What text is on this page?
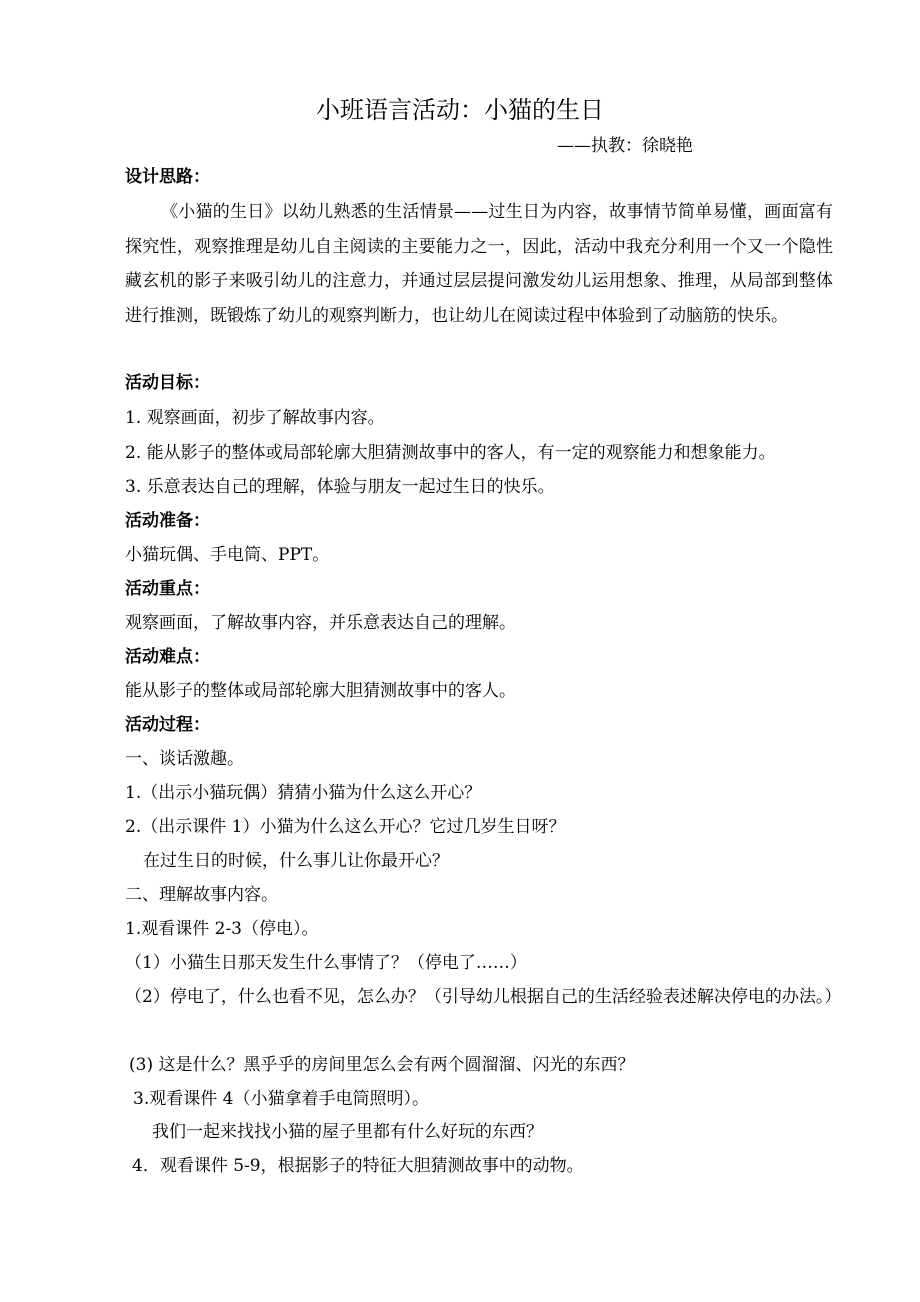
小班语言活动：小猫的生日
——执教：徐晓艳
设计思路：
《小猫的生日》以幼儿熟悉的生活情景——过生日为内容，故事情节简单易懂，画面富有探究性，观察推理是幼儿自主阅读的主要能力之一，因此，活动中我充分利用一个又一个隐性藏玄机的影子来吸引幼儿的注意力，并通过层层提问激发幼儿运用想象、推理，从局部到整体进行推测，既锻炼了幼儿的观察判断力，也让幼儿在阅读过程中体验到了动脑筋的快乐。
活动目标：
1. 观察画面，初步了解故事内容。
2. 能从影子的整体或局部轮廓大胆猜测故事中的客人，有一定的观察能力和想象能力。
3. 乐意表达自己的理解，体验与朋友一起过生日的快乐。
活动准备：
小猫玩偶、手电筒、PPT。
活动重点：
观察画面，了解故事内容，并乐意表达自己的理解。
活动难点：
能从影子的整体或局部轮廓大胆猜测故事中的客人。
活动过程：
一、谈话激趣。
1.（出示小猫玩偶）猜猜小猫为什么这么开心？
2.（出示课件 1）小猫为什么这么开心？它过几岁生日呀？
在过生日的时候，什么事儿让你最开心？
二、理解故事内容。
1.观看课件 2-3（停电）。
（1）小猫生日那天发生什么事情了？（停电了……）
（2）停电了，什么也看不见，怎么办？（引导幼儿根据自己的生活经验表述解决停电的办法。）
(3) 这是什么？黑乎乎的房间里怎么会有两个圆溜溜、闪光的东西？
3.观看课件 4（小猫拿着手电筒照明）。
我们一起来找找小猫的屋子里都有什么好玩的东西？
4．观看课件 5-9，根据影子的特征大胆猜测故事中的动物。
